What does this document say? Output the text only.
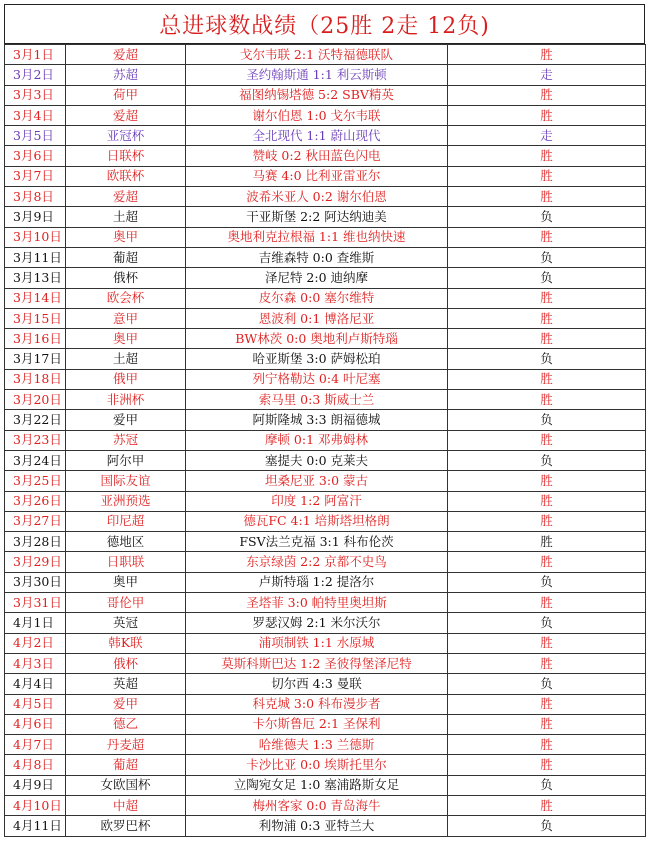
总进球数战绩（25胜 2走 12负)
3月1日	爱超	戈尔韦联 2:1 沃特福德联队	胜
3月2日	苏超	圣约翰斯通 1:1 利云斯顿	走
3月3日	荷甲	福图纳锡塔德 5:2 SBV精英	胜
3月4日	爱超	谢尔伯恩 1:0 戈尔韦联	胜
3月5日	亚冠杯	全北现代 1:1 蔚山现代	走
3月6日	日联杯	赞岐 0:2 秋田蓝色闪电	胜
3月7日	欧联杯	马赛 4:0 比利亚雷亚尔	胜
3月8日	爱超	波希米亚人 0:2 谢尔伯恩	胜
3月9日	土超	干亚斯堡 2:2 阿达纳迪美	负
3月10日	奥甲	奥地利克拉根福 1:1 维也纳快速	胜
3月11日	葡超	吉维森特 0:0 查维斯	负
3月13日	俄杯	泽尼特 2:0 迪纳摩	负
3月14日	欧会杯	皮尔森 0:0 塞尔维特	胜
3月15日	意甲	恩波利 0:1 博洛尼亚	胜
3月16日	奥甲	BW林茨 0:0 奥地利卢斯特瑙	胜
3月17日	土超	哈亚斯堡 3:0 萨姆松珀	负
3月18日	俄甲	列宁格勒达 0:4 叶尼塞	胜
3月20日	非洲杯	索马里 0:3 斯威士兰	胜
3月22日	爱甲	阿斯隆城 3:3 朗福德城	负
3月23日	苏冠	摩顿 0:1 邓弗姆林	胜
3月24日	阿尔甲	塞提夫 0:0 克莱夫	负
3月25日	国际友谊	坦桑尼亚 3:0 蒙古	胜
3月26日	亚洲预选	印度 1:2 阿富汗	胜
3月27日	印尼超	德瓦FC 4:1 培斯塔坦格朗	胜
3月28日	德地区	FSV法兰克福 3:1 科布伦茨	胜
3月29日	日职联	东京绿茵 2:2 京都不史鸟	胜
3月30日	奥甲	卢斯特瑙 1:2 提洛尔	负
3月31日	哥伦甲	圣塔菲 3:0 帕特里奥坦斯	胜
4月1日	英冠	罗瑟汉姆 2:1 米尔沃尔	负
4月2日	韩K联	浦项制铁 1:1 水原城	胜
4月3日	俄杯	莫斯科斯巴达 1:2 圣彼得堡泽尼特	胜
4月4日	英超	切尔西 4:3 曼联	负
4月5日	爱甲	科克城 3:0 科布漫步者	胜
4月6日	德乙	卡尔斯鲁厄 2:1 圣保利	胜
4月7日	丹麦超	哈维德夫 1:3 兰德斯	胜
4月8日	葡超	卡沙比亚 0:0 埃斯托里尔	胜
4月9日	女欧国杯	立陶宛女足 1:0 塞浦路斯女足	负
4月10日	中超	梅州客家 0:0 青岛海牛	胜
4月11日	欧罗巴杯	利物浦 0:3 亚特兰大	负
